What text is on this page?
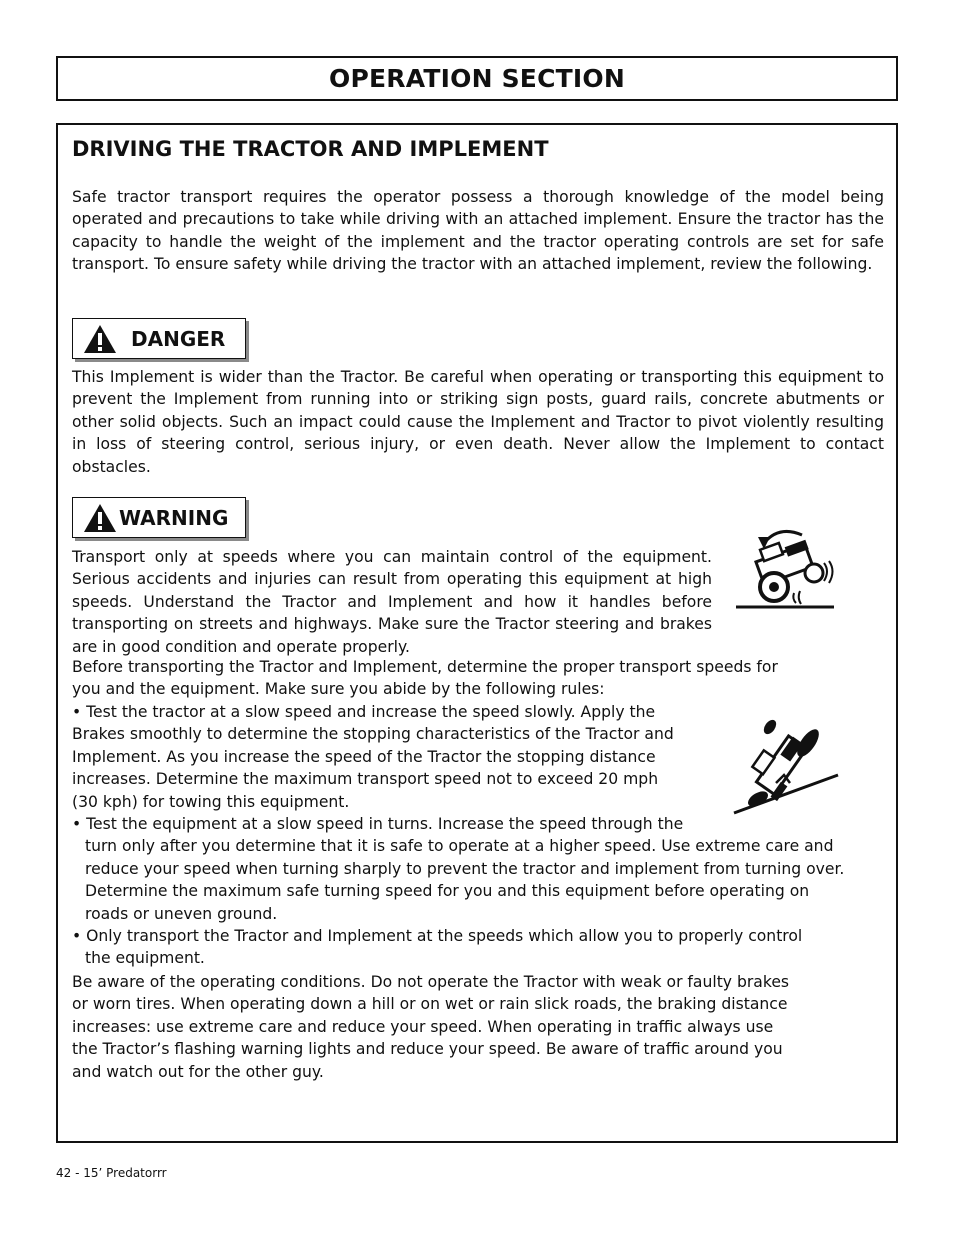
OPERATION SECTION
DRIVING THE TRACTOR AND IMPLEMENT
Safe tractor transport requires the operator possess a thorough knowledge of the model being operated and precautions to take while driving with an attached implement. Ensure the tractor has the capacity to handle the weight of the implement and the tractor operating controls are set for safe transport. To ensure safety while driving the tractor with an attached implement, review the following.
DANGER
This Implement is wider than the Tractor. Be careful when operating or transporting this equipment to prevent the Implement from running into or striking sign posts, guard rails, concrete abutments or other solid objects. Such an impact could cause the Implement and Tractor to pivot violently resulting in loss of steering control, serious injury, or even death. Never allow the Implement to contact obstacles.
WARNING
Transport only at speeds where you can maintain control of the equipment. Serious accidents and injuries can result from operating this equipment at high speeds. Understand the Tractor and Implement and how it handles before transporting on streets and highways. Make sure the Tractor steering and brakes are in good condition and operate properly.
Before transporting the Tractor and Implement, determine the proper transport speeds for
you and the equipment. Make sure you abide by the following rules:
• Test the tractor at a slow speed and increase the speed slowly. Apply the
Brakes smoothly to determine the stopping characteristics of the Tractor and
Implement. As you increase the speed of the Tractor the stopping distance
increases. Determine the maximum transport speed not to exceed 20 mph
(30 kph) for towing this equipment.
• Test the equipment at a slow speed in turns. Increase the speed through the
turn only after you determine that it is safe to operate at a higher speed. Use extreme care and
reduce your speed when turning sharply to prevent the tractor and implement from turning over.
Determine the maximum safe turning speed for you and this equipment before operating on
roads or uneven ground.
• Only transport the Tractor and Implement at the speeds which allow you to properly control
the equipment.
Be aware of the operating conditions. Do not operate the Tractor with weak or faulty brakes
or worn tires. When operating down a hill or on wet or rain slick roads, the braking distance
increases: use extreme care and reduce your speed. When operating in traffic always use
the Tractor’s flashing warning lights and reduce your speed. Be aware of traffic around you
and watch out for the other guy.
42 - 15’ Predatorrr
